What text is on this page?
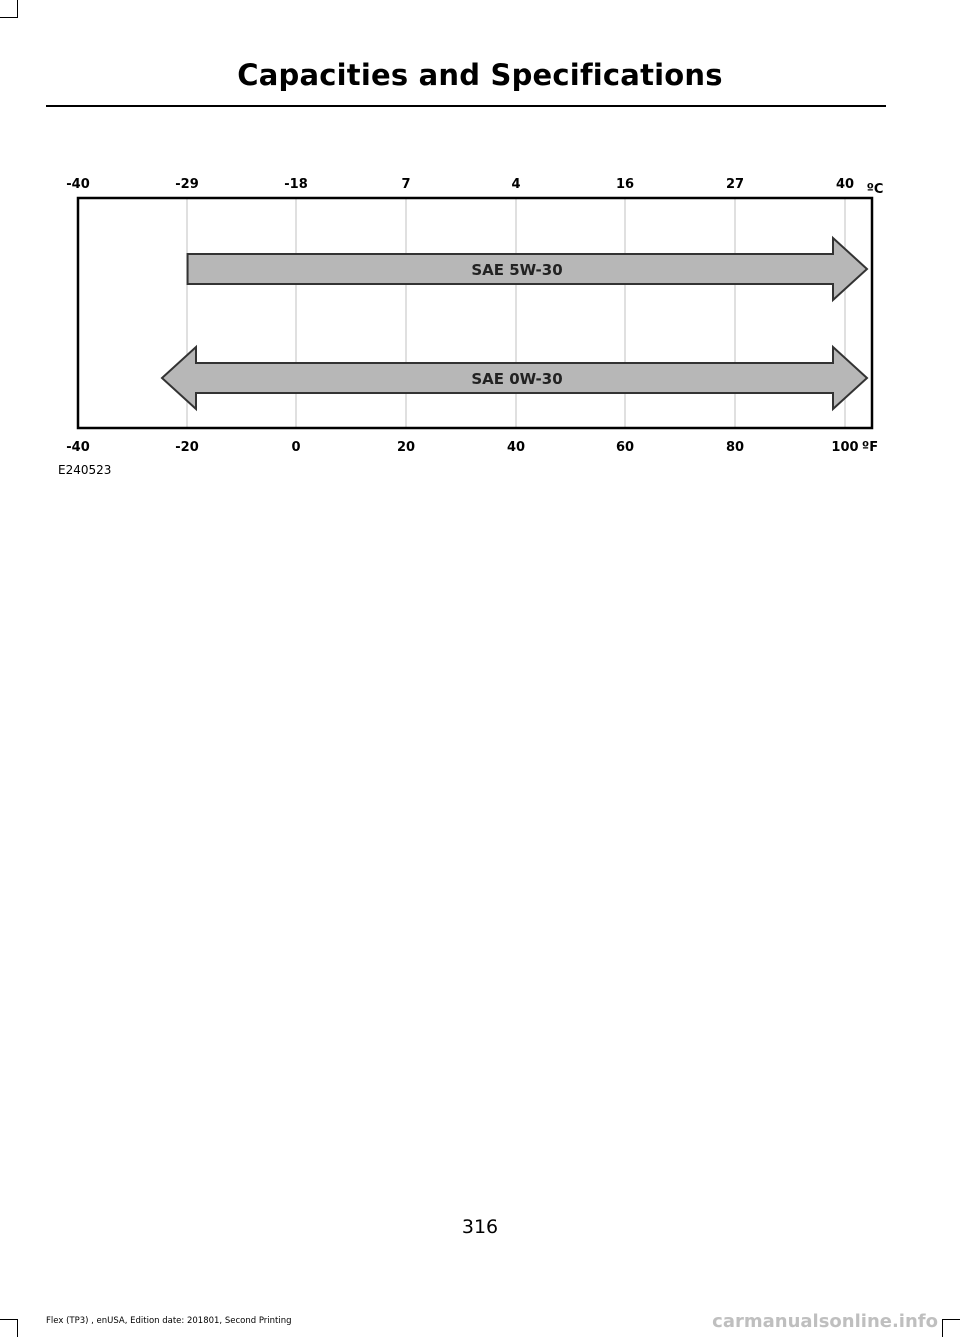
Capacities and Specifications
SAE 5W-30
SAE 0W-30
-40	-29	-18	7	4	16	27	40 ºC
-40	-20	0	20	40	60	80	100 ºF
E240523
316
Flex (TP3) , enUSA, Edition date: 201801, Second Printing	carmanualsonline.info
